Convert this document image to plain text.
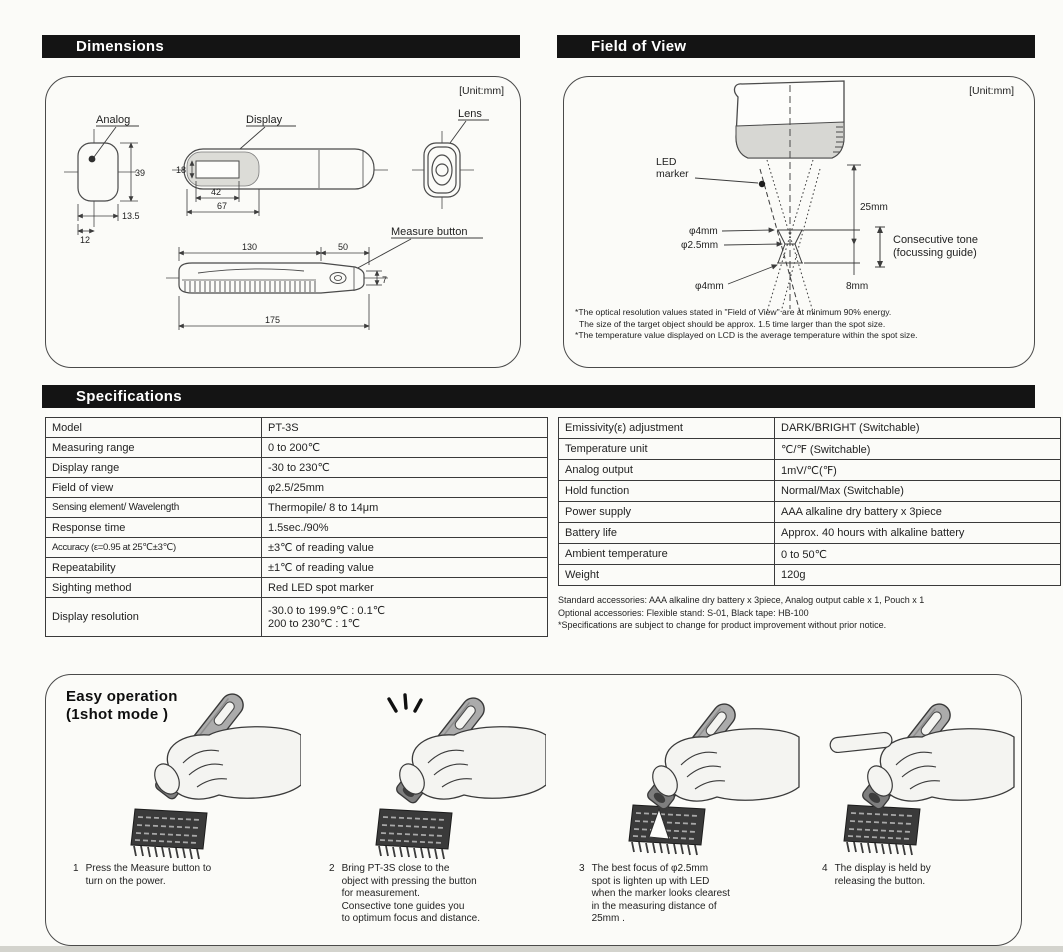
Dimensions	Field of View
Specifications
[Unit:mm]
Analog
39
13.5
12
Display
18
42
67
Lens
Measure button
130	50
175
7
[Unit:mm]
LED
marker
φ4mm
φ2.5mm
φ4mm
25mm
8mm
Consecutive tone
(focussing guide)
*The optical resolution values stated in "Field of View" are at minimum 90% energy.
The size of the target object should be approx. 1.5 time larger than the spot size.
*The temperature value displayed on LCD is the average temperature within the spot size.
Model	PT-3S
Measuring range	0 to 200℃
Display range	-30 to 230℃
Field of view	φ2.5/25mm
Sensing element/ Wavelength	Thermopile/ 8 to 14μm
Response time	1.5sec./90%
Accuracy (ε=0.95 at 25℃±3℃)	±3℃ of reading value
Repeatability	±1℃ of reading value
Sighting method	Red LED spot marker
Display resolution	-30.0 to 199.9℃ : 0.1℃
200 to 230℃ : 1℃
Emissivity(ε) adjustment	DARK/BRIGHT (Switchable)
Temperature unit	℃/℉ (Switchable)
Analog output	1mV/℃(℉)
Hold function	Normal/Max (Switchable)
Power supply	AAA alkaline dry battery x 3piece
Battery life	Approx. 40 hours with alkaline battery
Ambient temperature	0 to 50℃
Weight	120g
Standard accessories: AAA alkaline dry battery x 3piece, Analog output cable x 1, Pouch x 1
Optional accessories: Flexible stand: S-01, Black tape: HB-100
*Specifications are subject to change for product improvement without prior notice.
Easy operation
(1shot mode )
1 Press the Measure button to
turn on the power.
2 Bring PT-3S close to the
object with pressing the button
for measurement.
Consective tone guides you
to optimum focus and distance.
3 The best focus of φ2.5mm
spot is lighten up with LED
when the marker looks clearest
in the measuring distance of
25mm .
4 The display is held by
releasing the button.
